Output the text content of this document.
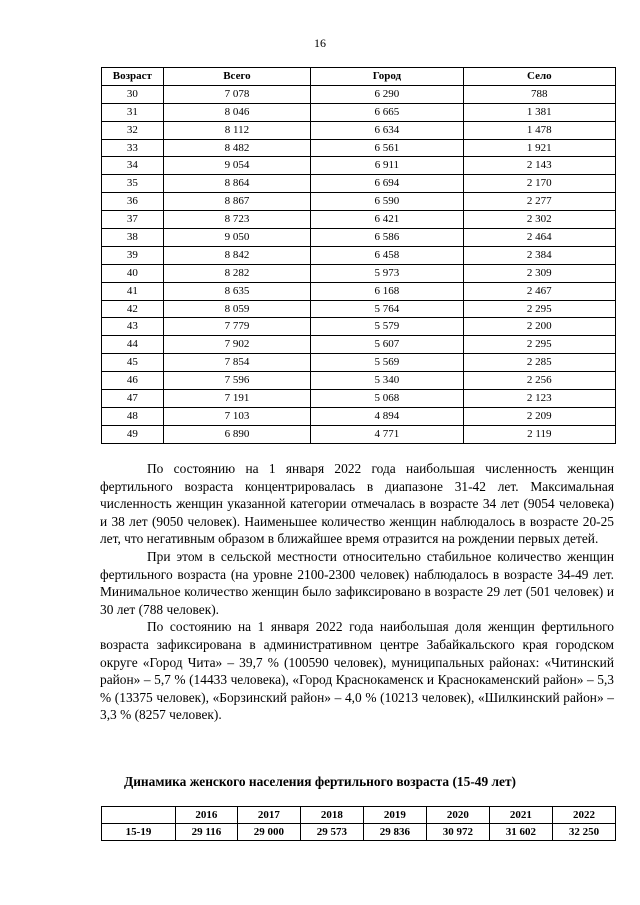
16
Возраст	Всего	Город	Село
30	7 078	6 290	788
31	8 046	6 665	1 381
32	8 112	6 634	1 478
33	8 482	6 561	1 921
34	9 054	6 911	2 143
35	8 864	6 694	2 170
36	8 867	6 590	2 277
37	8 723	6 421	2 302
38	9 050	6 586	2 464
39	8 842	6 458	2 384
40	8 282	5 973	2 309
41	8 635	6 168	2 467
42	8 059	5 764	2 295
43	7 779	5 579	2 200
44	7 902	5 607	2 295
45	7 854	5 569	2 285
46	7 596	5 340	2 256
47	7 191	5 068	2 123
48	7 103	4 894	2 209
49	6 890	4 771	2 119

По состоянию на 1 января 2022 года наибольшая численность женщин фертильного возраста концентрировалась в диапазоне 31-42 лет. Максимальная численность женщин указанной категории отмечалась в возрасте 34 лет (9054 человека) и 38 лет (9050 человек). Наименьшее количество женщин наблюдалось в возрасте 20-25 лет, что негативным образом в ближайшее время отразится на рождении первых детей.

При этом в сельской местности относительно стабильное количество женщин фертильного возраста (на уровне 2100-2300 человек) наблюдалось в возрасте 34-49 лет. Минимальное количество женщин было зафиксировано в возрасте 29 лет (501 человек) и 30 лет (788 человек).

По состоянию на 1 января 2022 года наибольшая доля женщин фертильного возраста зафиксирована в административном центре Забайкальского края городском округе «Город Чита» – 39,7 % (100590 человек), муниципальных районах: «Читинский район» – 5,7 % (14433 человека), «Город Краснокаменск и Краснокаменский район» – 5,3 % (13375 человек), «Борзинский район» – 4,0 % (10213 человек), «Шилкинский район» – 3,3 % (8257 человек).

Динамика женского населения фертильного возраста (15-49 лет)
	2016	2017	2018	2019	2020	2021	2022
15-19	29 116	29 000	29 573	29 836	30 972	31 602	32 250
